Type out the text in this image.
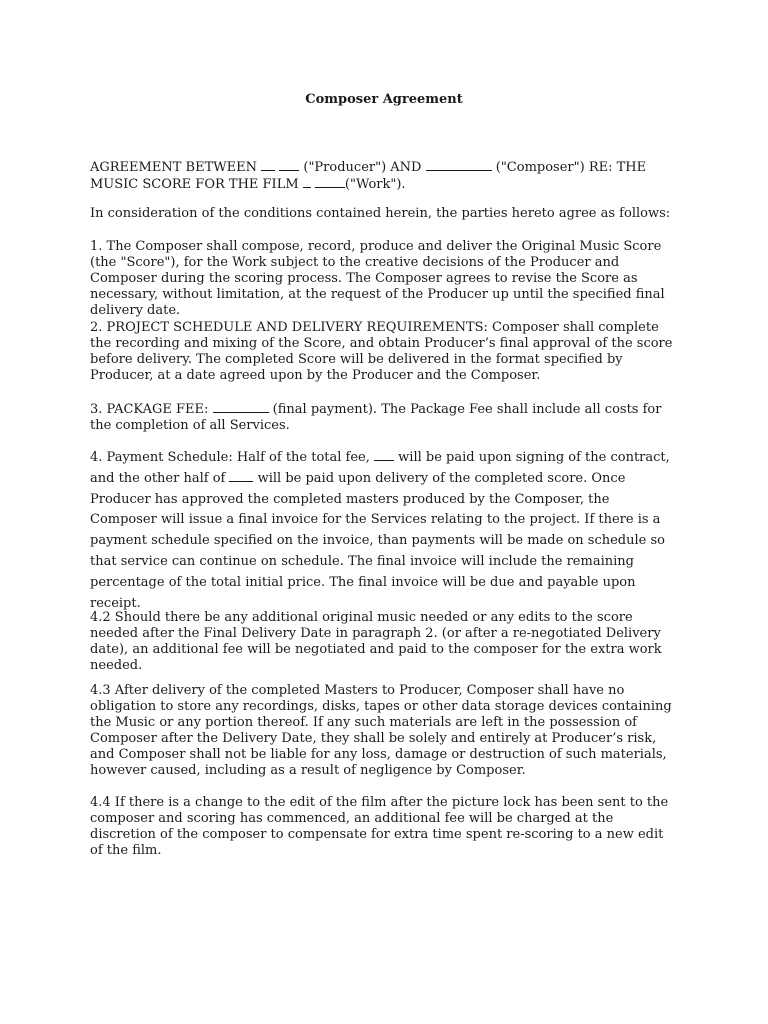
Composer Agreement

AGREEMENT BETWEEN	("Producer") AND	("Composer") RE: THE MUSIC SCORE FOR THE FILM	("Work").

In consideration of the conditions contained herein, the parties hereto agree as follows:

1. The Composer shall compose, record, produce and deliver the Original Music Score (the "Score"), for the Work subject to the creative decisions of the Producer and Composer during the scoring process. The Composer agrees to revise the Score as necessary, without limitation, at the request of the Producer up until the specified final delivery date.

2. PROJECT SCHEDULE AND DELIVERY REQUIREMENTS: Composer shall complete the recording and mixing of the Score, and obtain Producer’s final approval of the score before delivery. The completed Score will be delivered in the format specified by Producer, at a date agreed upon by the Producer and the Composer.

3. PACKAGE FEE:	(final payment). The Package Fee shall include all costs for the completion of all Services.

4. Payment Schedule: Half of the total fee, will be paid upon signing of the contract, and the other half of will be paid upon delivery of the completed score. Once Producer has approved the completed masters produced by the Composer, the Composer will issue a final invoice for the Services relating to the project. If there is a payment schedule specified on the invoice, than payments will be made on schedule so that service can continue on schedule. The final invoice will include the remaining percentage of the total initial price. The final invoice will be due and payable upon receipt.

4.2 Should there be any additional original music needed or any edits to the score needed after the Final Delivery Date in paragraph 2. (or after a re-negotiated Delivery date), an additional fee will be negotiated and paid to the composer for the extra work needed.

4.3 After delivery of the completed Masters to Producer, Composer shall have no obligation to store any recordings, disks, tapes or other data storage devices containing the Music or any portion thereof. If any such materials are left in the possession of Composer after the Delivery Date, they shall be solely and entirely at Producer’s risk, and Composer shall not be liable for any loss, damage or destruction of such materials, however caused, including as a result of negligence by Composer.

4.4 If there is a change to the edit of the film after the picture lock has been sent to the composer and scoring has commenced, an additional fee will be charged at the discretion of the composer to compensate for extra time spent re-scoring to a new edit of the film.
